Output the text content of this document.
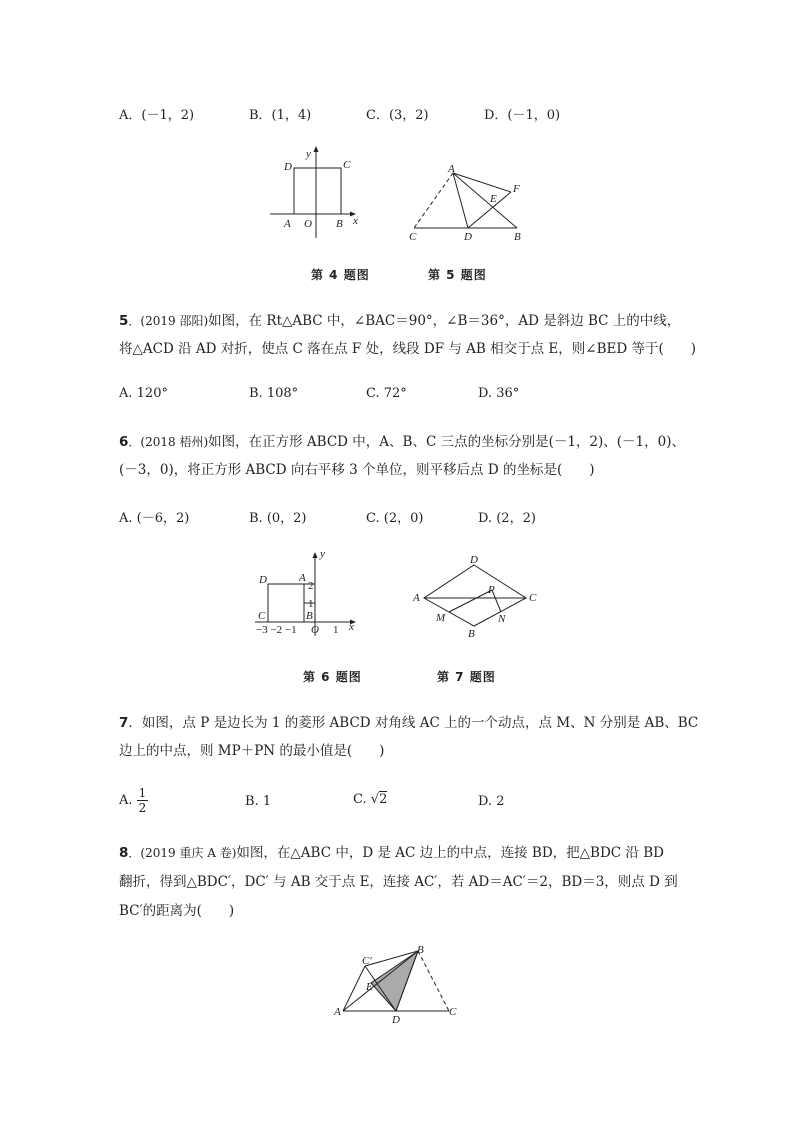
A．(－1，2)	B．(1，4)	C．(3，2)	D．(－1，0)
D	C
y
A O B x
A
F
E
C	D	B
第 4 题图	第 5 题图
5．(2019 邵阳)如图，在 Rt△ABC 中，∠BAC＝90°，∠B＝36°，AD 是斜边 BC 上的中线，
将△ACD 沿 AD 对折，使点 C 落在点 F 处，线段 DF 与 AB 相交于点 E，则∠BED 等于(　　)
A. 120°	B. 108°	C. 72°	D. 36°
6．(2018 梧州)如图，在正方形 ABCD 中，A、B、C 三点的坐标分别是(－1，2)、(－1，0)、
(－3，0)，将正方形 ABCD 向右平移 3 个单位，则平移后点 D 的坐标是(　　)
A. (－6，2)	B. (0，2)	C. (2，0)	D. (2，2)
y
D	A
2
1
C	B
−3 −2 −1 O 1 x
D
A
P
C
M	N
B
第 6 题图	第 7 题图
7．如图，点 P 是边长为 1 的菱形 ABCD 对角线 AC 上的一个动点，点 M、N 分别是 AB、BC
边上的中点，则 MP＋PN 的最小值是(　　)
A. $\frac{1}{2}$	B. 1	C. √2	D. 2
8．(2019 重庆 A 卷)如图，在△ABC 中，D 是 AC 边上的中点，连接 BD，把△BDC 沿 BD
翻折，得到△BDC′，DC′ 与 AB 交于点 E，连接 AC′，若 AD＝AC′＝2，BD＝3，则点 D 到
BC′的距离为(　　)
C′
B
E
A
D
C
